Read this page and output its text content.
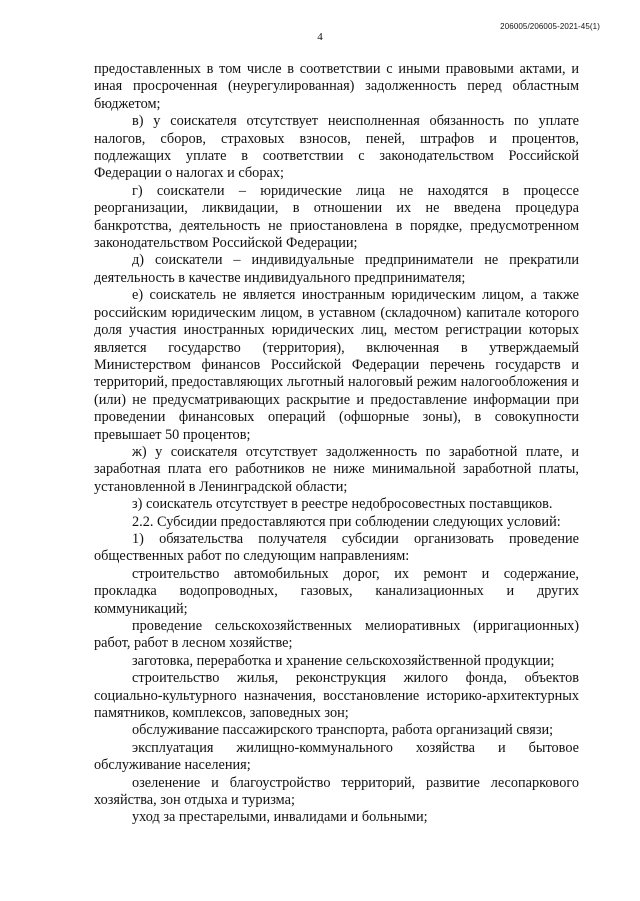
206005/206005-2021-45(1)
4

предоставленных в том числе в соответствии с иными правовыми актами, и иная просроченная (неурегулированная) задолженность перед областным бюджетом;

в) у соискателя отсутствует неисполненная обязанность по уплате налогов, сборов, страховых взносов, пеней, штрафов и процентов, подлежащих уплате в соответствии с законодательством Российской Федерации о налогах и сборах;

г) соискатели – юридические лица не находятся в процессе реорганизации, ликвидации, в отношении их не введена процедура банкротства, деятельность не приостановлена в порядке, предусмотренном законодательством Российской Федерации;

д) соискатели – индивидуальные предприниматели не прекратили деятельность в качестве индивидуального предпринимателя;

е) соискатель не является иностранным юридическим лицом, а также российским юридическим лицом, в уставном (складочном) капитале которого доля участия иностранных юридических лиц, местом регистрации которых является государство (территория), включенная в утверждаемый Министерством финансов Российской Федерации перечень государств и территорий, предоставляющих льготный налоговый режим налогообложения и (или) не предусматривающих раскрытие и предоставление информации при проведении финансовых операций (офшорные зоны), в совокупности превышает 50 процентов;

ж) у соискателя отсутствует задолженность по заработной плате, и заработная плата его работников не ниже минимальной заработной платы, установленной в Ленинградской области;

з) соискатель отсутствует в реестре недобросовестных поставщиков.

2.2. Субсидии предоставляются при соблюдении следующих условий:

1) обязательства получателя субсидии организовать проведение общественных работ по следующим направлениям:

строительство автомобильных дорог, их ремонт и содержание, прокладка водопроводных, газовых, канализационных и других коммуникаций;

проведение сельскохозяйственных мелиоративных (ирригационных) работ, работ в лесном хозяйстве;

заготовка, переработка и хранение сельскохозяйственной продукции;

строительство жилья, реконструкция жилого фонда, объектов социально-культурного назначения, восстановление историко-архитектурных памятников, комплексов, заповедных зон;

обслуживание пассажирского транспорта, работа организаций связи;

эксплуатация жилищно-коммунального хозяйства и бытовое обслуживание населения;

озеленение и благоустройство территорий, развитие лесопаркового хозяйства, зон отдыха и туризма;

уход за престарелыми, инвалидами и больными;
